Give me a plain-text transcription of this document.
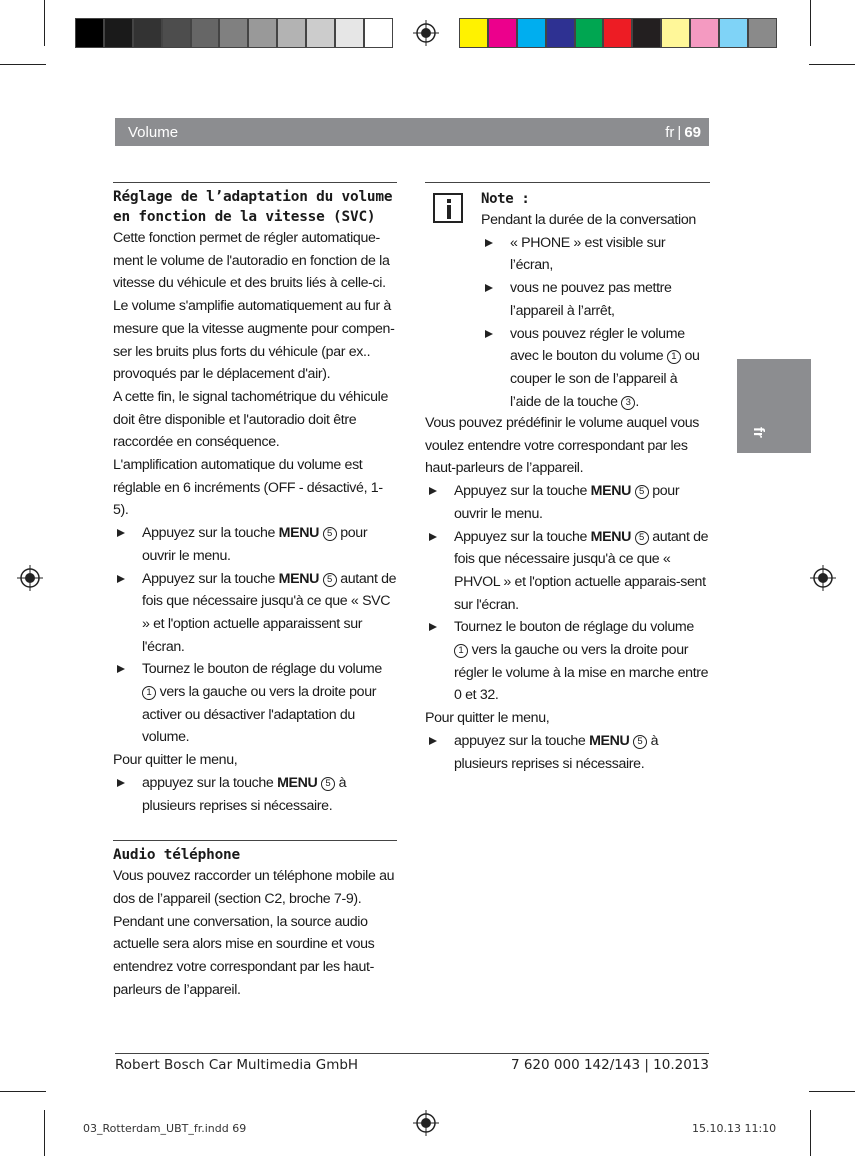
Volume	fr | 69
fr
Réglage de l’adaptation du volume
en fonction de la vitesse (SVC)

Cette fonction permet de régler automatique-ment le volume de l'autoradio en fonction de la vitesse du véhicule et des bruits liés à celle-ci.

Le volume s'amplifie automatiquement au fur à mesure que la vitesse augmente pour compen-ser les bruits plus forts du véhicule (par ex.. provoqués par le déplacement d'air).

A cette fin, le signal tachométrique du véhicule doit être disponible et l'autoradio doit être raccordée en conséquence.

L'amplification automatique du volume est réglable en 6 incréments (OFF - désactivé, 1-5).

Appuyez sur la touche MENU 5 pour ouvrir le menu.
Appuyez sur la touche MENU 5 autant de fois que nécessaire jusqu'à ce que « SVC » et l'option actuelle apparaissent sur l'écran.
Tournez le bouton de réglage du volume 1 vers la gauche ou vers la droite pour activer ou désactiver l'adaptation du volume.

Pour quitter le menu,

appuyez sur la touche MENU 5 à plusieurs reprises si nécessaire.
Audio téléphone

Vous pouvez raccorder un téléphone mobile au dos de l’appareil (section C2, broche 7-9).

Pendant une conversation, la source audio actuelle sera alors mise en sourdine et vous entendrez votre correspondant par les haut-parleurs de l’appareil.

Note :

Pendant la durée de la conversation

« PHONE » est visible sur l’écran,
vous ne pouvez pas mettre l’appareil à l’arrêt,
vous pouvez régler le volume avec le bouton du volume 1 ou couper le son de l’appareil à l’aide de la touche 3 .

Vous pouvez prédéfinir le volume auquel vous voulez entendre votre correspondant par les haut-parleurs de l’appareil.

Appuyez sur la touche MENU 5 pour ouvrir le menu.
Appuyez sur la touche MENU 5 autant de fois que nécessaire jusqu'à ce que « PHVOL » et l'option actuelle apparais-sent sur l'écran.
Tournez le bouton de réglage du volume 1 vers la gauche ou vers la droite pour régler le volume à la mise en marche entre 0 et 32.

Pour quitter le menu,

appuyez sur la touche MENU 5 à plusieurs reprises si nécessaire.
Robert Bosch Car Multimedia GmbH	7 620 000 142/143 | 10.2013
03_Rotterdam_UBT_fr.indd 69	15.10.13 11:10
